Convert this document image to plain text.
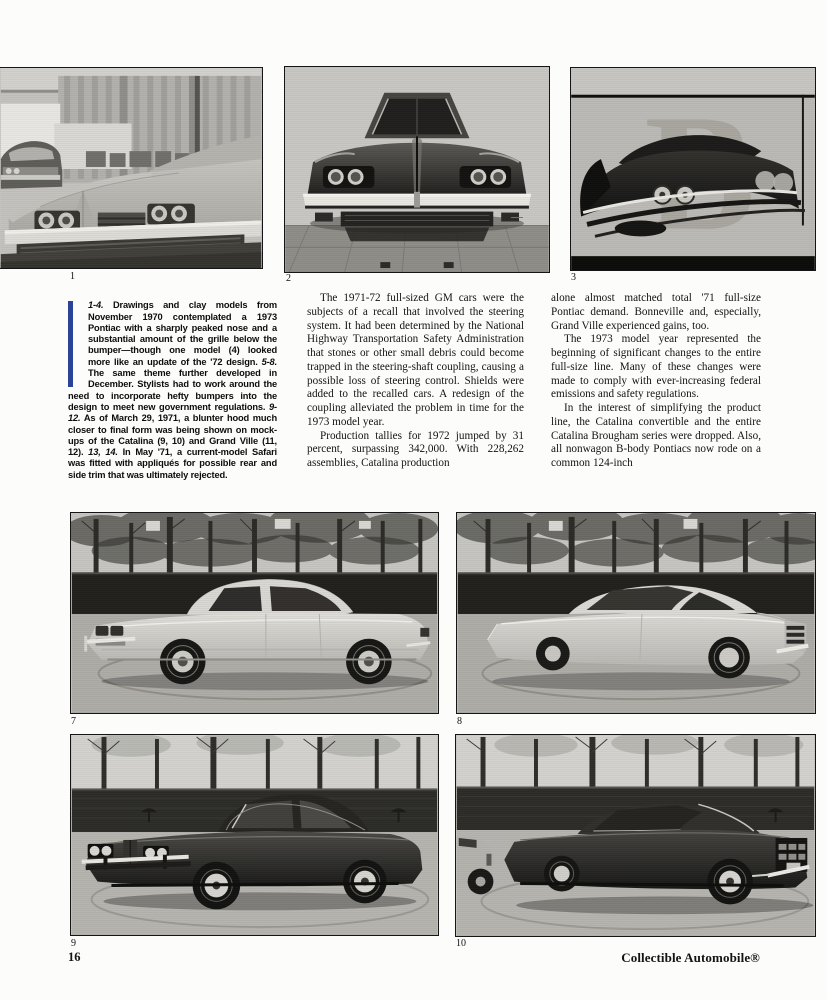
1	2	3

1-4. Drawings and clay models from November 1970 contemplated a 1973 Pontiac with a sharply peaked nose and a substantial amount of the grille below the bumper—though one model (4) looked more like an update of the '72 design. 5-8. The same theme further developed in December. Stylists had to work around the need to incorporate hefty bumpers into the design to meet new government regulations. 9-12. As of March 29, 1971, a blunter hood much closer to final form was being shown on mock-ups of the Catalina (9, 10) and Grand Ville (11, 12). 13, 14. In May '71, a current-model Safari was fitted with appliqués for possible rear and side trim that was ultimately rejected.

The 1971-72 full-sized GM cars were the subjects of a recall that involved the steering system. It had been determined by the National Highway Transportation Safety Administration that stones or other small debris could become trapped in the steering-shaft coupling, causing a possible loss of steering control. Shields were added to the recalled cars. A redesign of the coupling alleviated the problem in time for the 1973 model year.

Production tallies for 1972 jumped by 31 percent, surpassing 342,000. With 228,262 assemblies, Catalina production

alone almost matched total '71 full-size Pontiac demand. Bonneville and, especially, Grand Ville experienced gains, too.

The 1973 model year represented the beginning of significant changes to the entire full-size line. Many of these changes were made to comply with ever-increasing federal emissions and safety regulations.

In the interest of simplifying the product line, the Catalina convertible and the entire Catalina Brougham series were dropped. Also, all nonwagon B-body Pontiacs now rode on a common 124-inch

7	8
9	10
16	Collectible Automobile®
